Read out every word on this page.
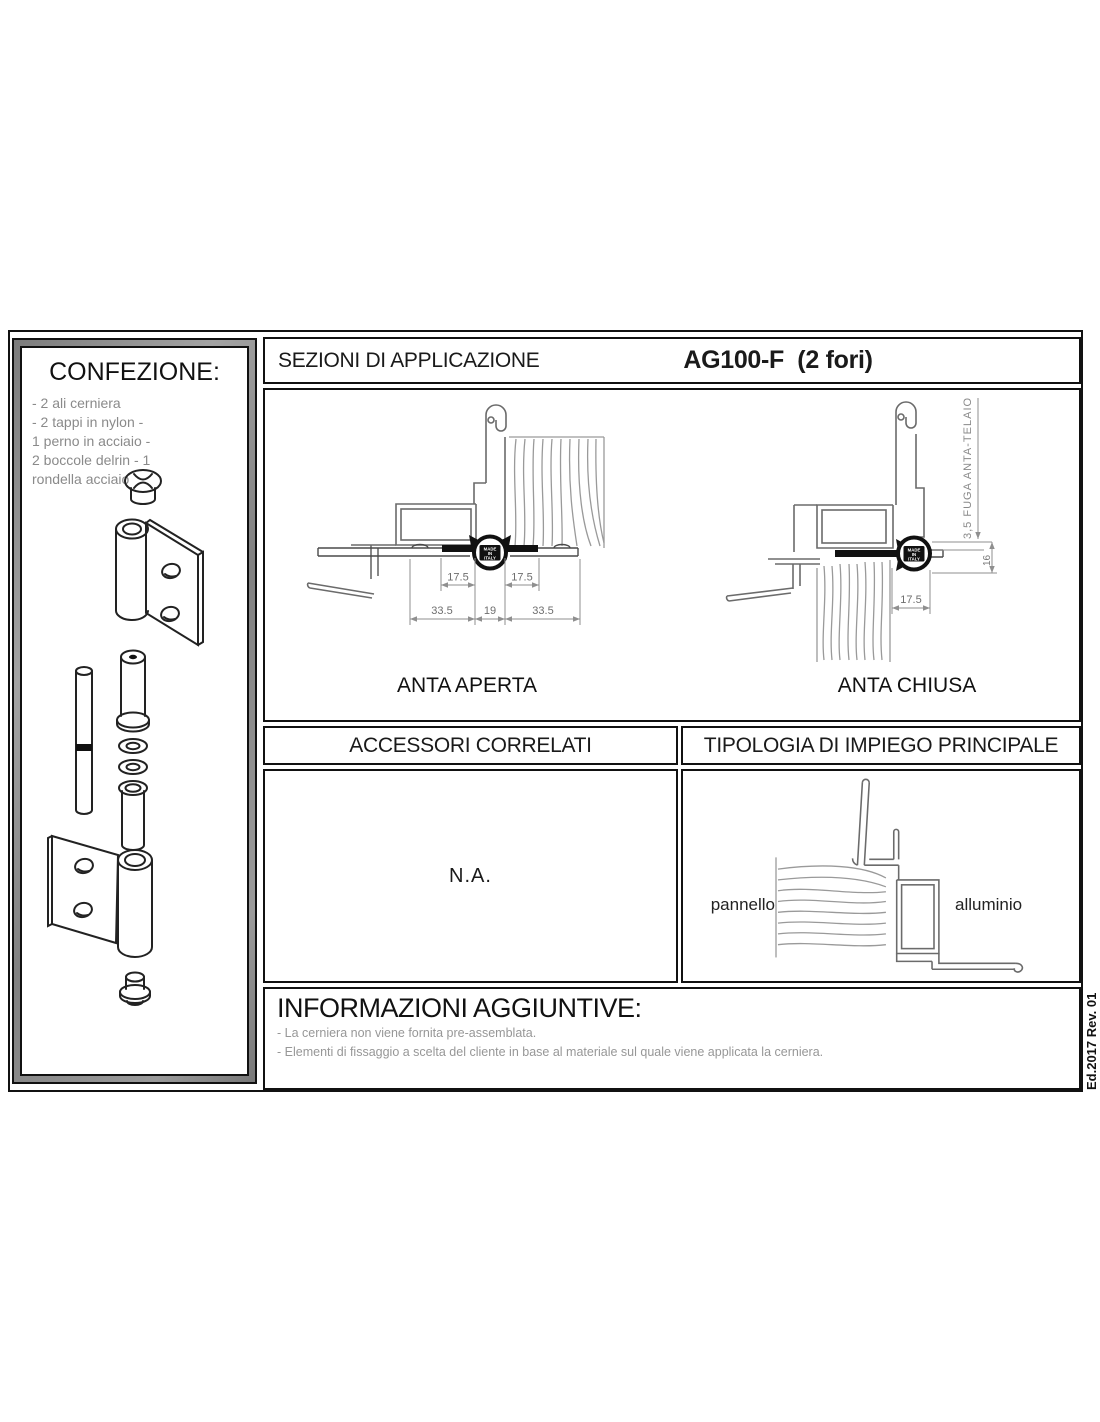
CONFEZIONE:
- 2 ali cerniera
- 2 tappi in nylon -
1 perno in acciaio -
2 boccole delrin - 1
rondella acciaio
SEZIONI DI APPLICAZIONE	AG100-F  (2 fori)
MADE
IN
ITALY
17.5	17.5
33.5	19	33.5
MADE
IN
ITALY
3,5 FUGA ANTA-TELAIO
16
17.5
ANTA APERTA	ANTA CHIUSA
ACCESSORI CORRELATI	TIPOLOGIA DI IMPIEGO PRINCIPALE
N.A.
pannello	alluminio
INFORMAZIONI AGGIUNTIVE:
- La cerniera non viene fornita pre-assemblata.
- Elementi di fissaggio a scelta del cliente in base al materiale sul quale viene applicata la cerniera.	Ed.2017 Rev. 01
